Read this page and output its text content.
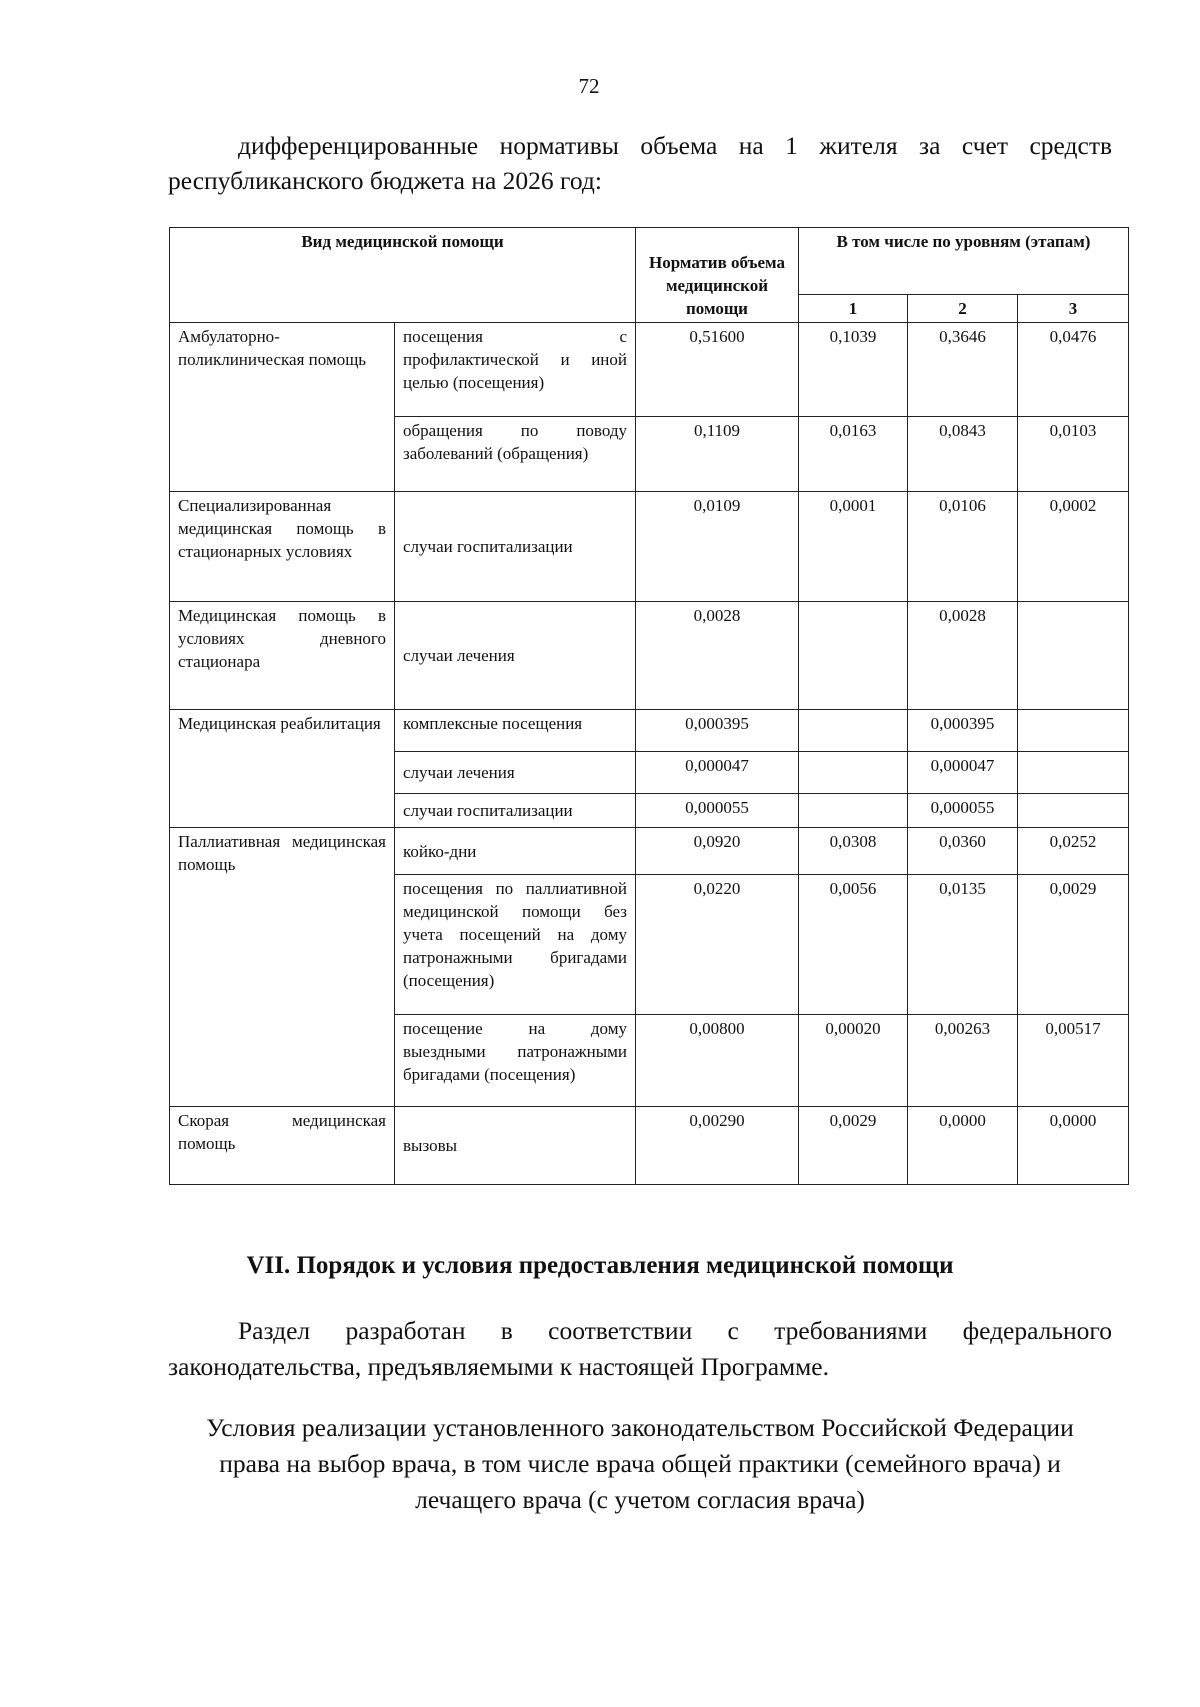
72
дифференцированные нормативы объема на 1 жителя за счет средств республиканского бюджета на 2026 год:
Вид медицинской помощи		Норматив объема медицинской помощи	В том числе по уровням (этапам)		
			1	2	3
Амбулаторно-поликлиническая помощь	посещения с профилактической и иной целью (посещения)	0,51600	0,1039	0,3646	0,0476
	обращения по поводу заболеваний (обращения)	0,1109	0,0163	0,0843	0,0103
Специализированная медицинская помощь в стационарных условиях	случаи госпитализации	0,0109	0,0001	0,0106	0,0002
Медицинская помощь в условиях дневного стационара	случаи лечения	0,0028		0,0028	
Медицинская реабилитация	комплексные посещения	0,000395		0,000395	
	случаи лечения	0,000047		0,000047	
	случаи госпитализации	0,000055		0,000055	
Паллиативная медицинская помощь	койко-дни	0,0920	0,0308	0,0360	0,0252
	посещения по паллиативной медицинской помощи без учета посещений на дому патронажными бригадами (посещения)	0,0220	0,0056	0,0135	0,0029
	посещение на дому выездными патронажными бригадами (посещения)	0,00800	0,00020	0,00263	0,00517
Скорая медицинская помощь	вызовы	0,00290	0,0029	0,0000	0,0000
VII. Порядок и условия предоставления медицинской помощи
Раздел разработан в соответствии с требованиями федерального законодательства, предъявляемыми к настоящей Программе.
Условия реализации установленного законодательством Российской Федерации права на выбор врача, в том числе врача общей практики (семейного врача) и лечащего врача (с учетом согласия врача)
